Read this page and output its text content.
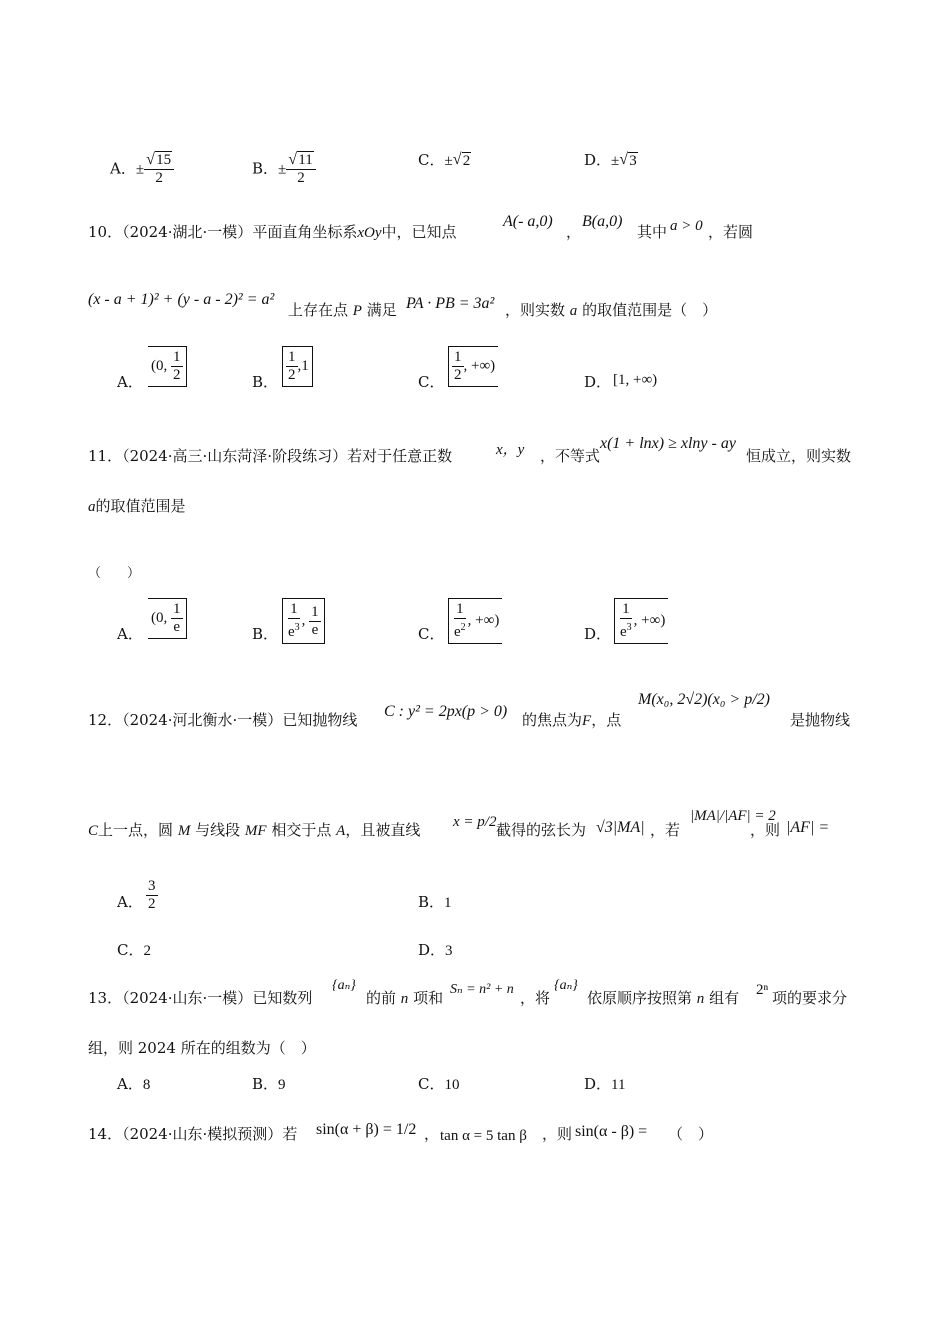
A．± √ $\frac{15}{2}$	B．± √ $\frac{11}{2}$	C．± √ 2	D．± √ 3
10．（2024·湖北·一模）平面直角坐标系xOy中，已知点
A(- a,0)
，
B(a,0)
其中 a > 0 ，若圆
(x - a + 1)² + (y - a - 2)² = a²
上存在点 P 满足 PA · PB = 3a² ，则实数 a 的取值范围是（　）
A．
(0, $\frac{1}{2}$	B． $\frac{1}{2} ,1$
C． $\frac{1}{2}$ , +∞)
D． [1, +∞)
11．（2024·高三·山东菏泽·阶段练习）若对于任意正数	x，y ，不等式
x(1 + lnx) ≥ xlny - ay
恒成立，则实数
a的取值范围是
（　　）
A．
(0, $\frac{1}{e}$	B． $\frac{1}{e^3}$ , $\frac{1}{e}$	C． $\frac{1}{e^2}$ , +∞)
D． $\frac{1}{e^3}$ , +∞)
12．（2024·河北衡水·一模）已知抛物线 C : y² = 2px(p > 0) 的焦点为F，点
M(x₀, 2√2)(x₀ > p/2)
是抛物线
C上一点，圆 M 与线段 MF 相交于点 A，且被直线 x = p/2 截得的弦长为 √3|MA| ，若
|MA|/|AF| = 2
，则 |AF| =
A． $\frac{3}{2}$	B．1
C．2	D．3
13．（2024·山东·一模）已知数列
{aₙ}
的前 n 项和 Sₙ = n² + n ，将
{aₙ}
依原顺序按照第 n 组有 2ⁿ 项的要求分
组，则 2024 所在的组数为（　）
A．8	B．9	C．10	D．11
14．（2024·山东·模拟预测）若 sin(α + β) = 1/2 ， tan α = 5 tan β ，则 sin(α - β) = （　）
